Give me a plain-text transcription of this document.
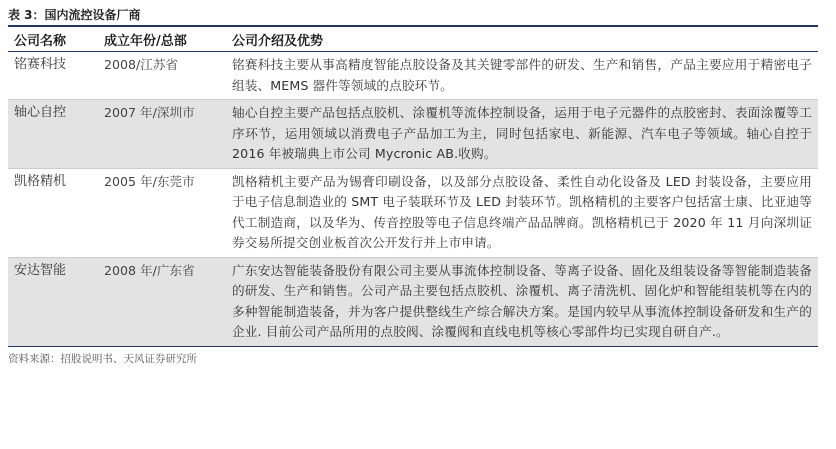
表 3：国内流控设备厂商
公司名称	成立年份/总部	公司介绍及优势
铭赛科技	2008/江苏省	铭赛科技主要从事高精度智能点胶设备及其关键零部件的研发、生产和销售，产品主要应用于精密电子组装、MEMS 器件等领域的点胶环节。
轴心自控	2007 年/深圳市	轴心自控主要产品包括点胶机、涂覆机等流体控制设备，运用于电子元器件的点胶密封、表面涂覆等工序环节，运用领域以消费电子产品加工为主，同时包括家电、新能源、汽车电子等领域。轴心自控于 2016 年被瑞典上市公司 Mycronic AB.收购。
凯格精机	2005 年/东莞市	凯格精机主要产品为锡膏印刷设备，以及部分点胶设备、柔性自动化设备及 LED 封装设备，主要应用于电子信息制造业的 SMT 电子装联环节及 LED 封装环节。凯格精机的主要客户包括富士康、比亚迪等代工制造商，以及华为、传音控股等电子信息终端产品品牌商。凯格精机已于 2020 年 11 月向深圳证券交易所提交创业板首次公开发行并上市申请。
安达智能	2008 年/广东省	广东安达智能装备股份有限公司主要从事流体控制设备、等离子设备、固化及组装设备等智能制造装备的研发、生产和销售。公司产品主要包括点胶机、涂覆机、离子清洗机、固化炉和智能组装机等在内的多种智能制造装备，并为客户提供整线生产综合解决方案。是国内较早从事流体控制设备研发和生产的企业. 目前公司产品所用的点胶阀、涂覆阀和直线电机等核心零部件均已实现自研自产.。
资料来源：招股说明书、天风证券研究所
